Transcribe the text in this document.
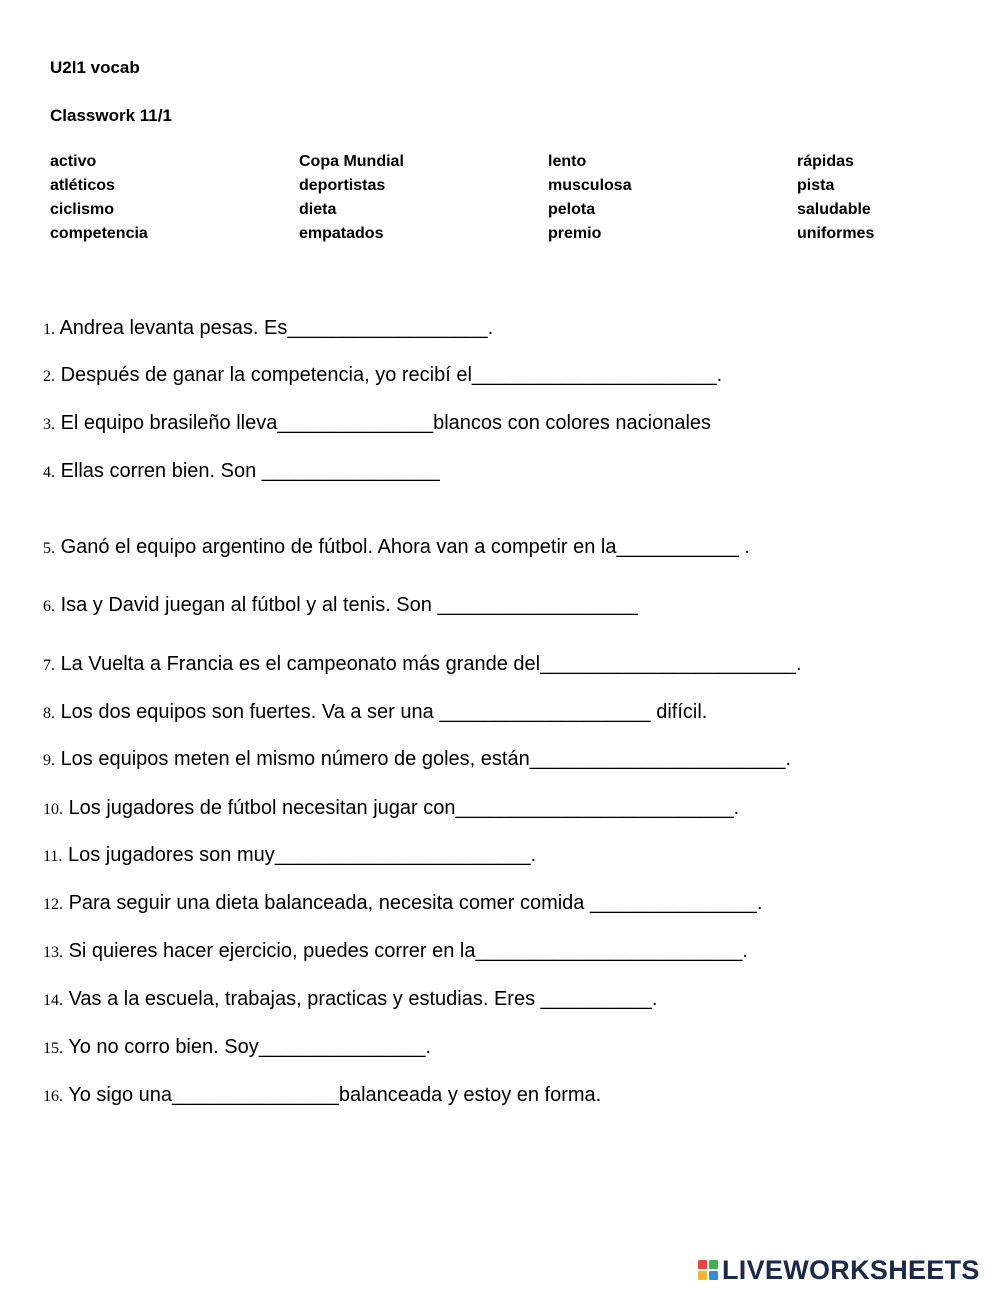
U2l1 vocab
Classwork 11/1
activo
atléticos
ciclismo
competencia
Copa Mundial
deportistas
dieta
empatados
lento
musculosa
pelota
premio
rápidas
pista
saludable
uniformes
1. Andrea levanta pesas. Es__________________.
2. Después de ganar la competencia, yo recibí el______________________.
3. El equipo brasileño lleva______________blancos con colores nacionales
4. Ellas corren bien. Son ________________
5. Ganó el equipo argentino de fútbol. Ahora van a competir en la___________ .
6. Isa y David juegan al fútbol y al tenis. Son __________________
7. La Vuelta a Francia es el campeonato más grande del_______________________.
8. Los dos equipos son fuertes. Va a ser una ___________________ difícil.
9. Los equipos meten el mismo número de goles, están_______________________.
10. Los jugadores de fútbol necesitan jugar con_________________________.
11. Los jugadores son muy_______________________.
12. Para seguir una dieta balanceada, necesita comer comida _______________.
13. Si quieres hacer ejercicio, puedes correr en la________________________.
14. Vas a la escuela, trabajas, practicas y estudias. Eres __________.
15. Yo no corro bien. Soy_______________.
16. Yo sigo una_______________balanceada y estoy en forma.
LIVEWORKSHEETS
